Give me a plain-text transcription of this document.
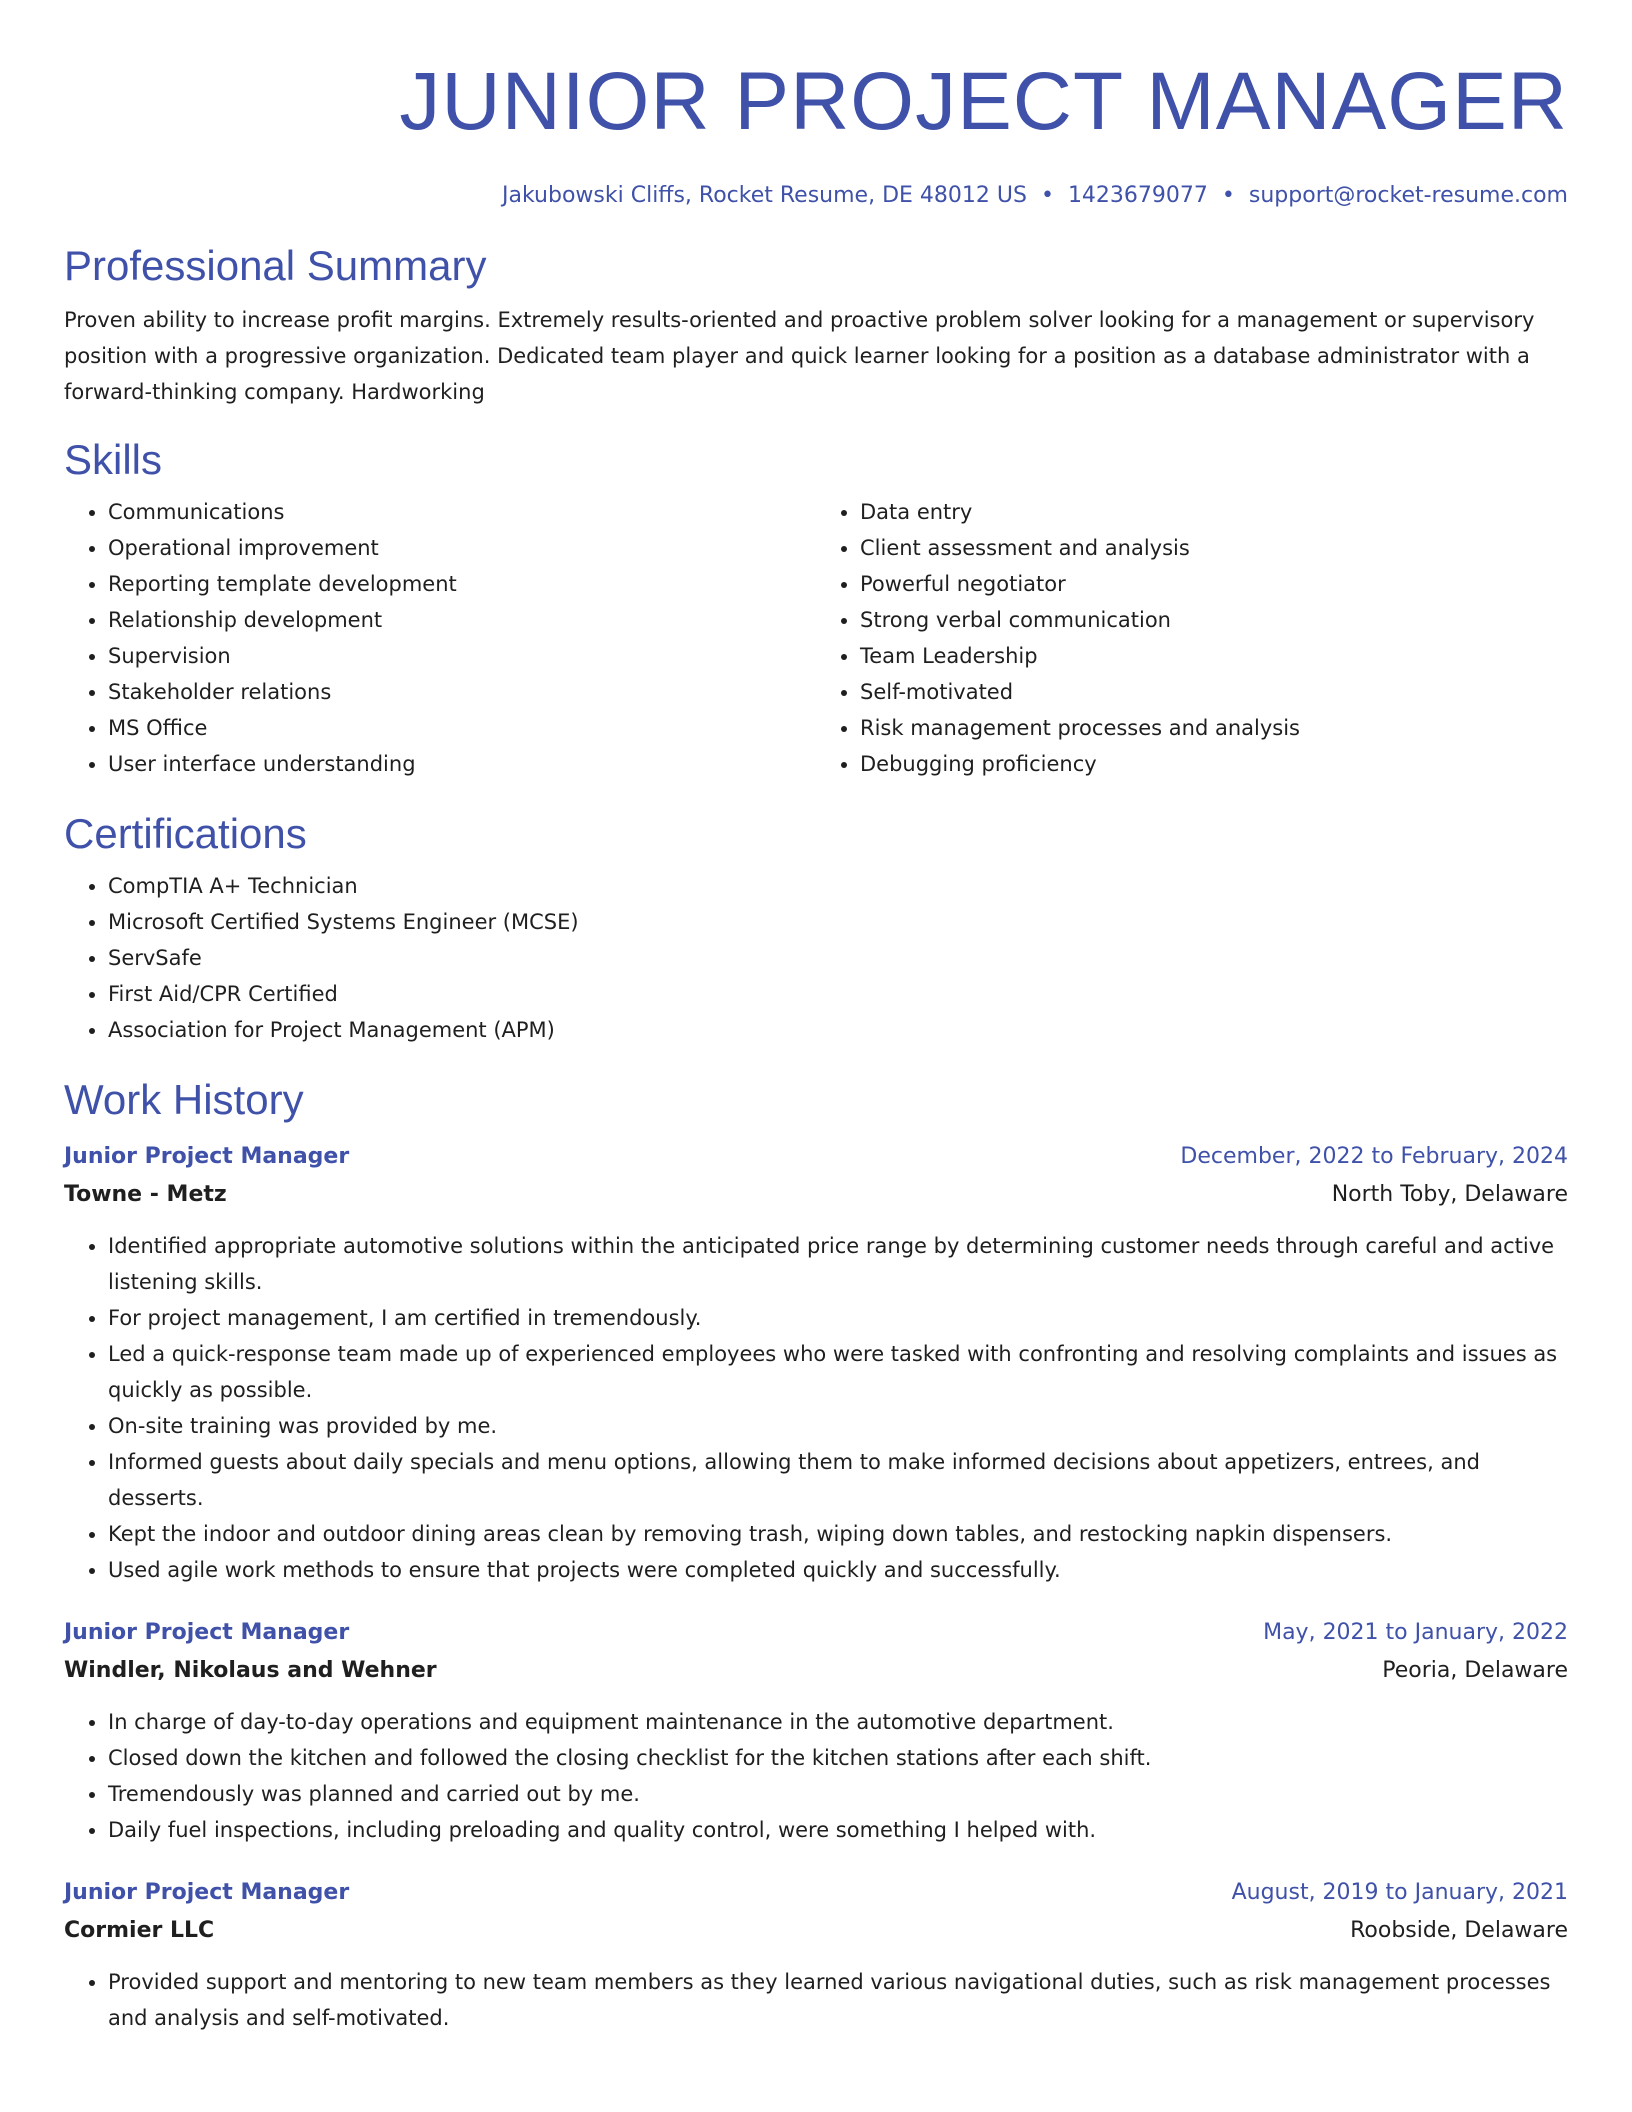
JUNIOR PROJECT MANAGER
Jakubowski Cliffs, Rocket Resume, DE 48012 US • 1423679077 • support@rocket-resume.com
Professional Summary
Proven ability to increase profit margins. Extremely results-oriented and proactive problem solver looking for a management or supervisory position with a progressive organization. Dedicated team player and quick learner looking for a position as a database administrator with a forward-thinking company. Hardworking
Skills
• Communications
• Operational improvement
• Reporting template development
• Relationship development
• Supervision
• Stakeholder relations
• MS Office
• User interface understanding
• Data entry
• Client assessment and analysis
• Powerful negotiator
• Strong verbal communication
• Team Leadership
• Self-motivated
• Risk management processes and analysis
• Debugging proficiency
Certifications
• CompTIA A+ Technician
• Microsoft Certified Systems Engineer (MCSE)
• ServSafe
• First Aid/CPR Certified
• Association for Project Management (APM)
Work History
Junior Project Manager	December, 2022 to February, 2024
Towne - Metz	North Toby, Delaware
• Identified appropriate automotive solutions within the anticipated price range by determining customer needs through careful and active listening skills.
• For project management, I am certified in tremendously.
• Led a quick-response team made up of experienced employees who were tasked with confronting and resolving complaints and issues as quickly as possible.
• On-site training was provided by me.
• Informed guests about daily specials and menu options, allowing them to make informed decisions about appetizers, entrees, and desserts.
• Kept the indoor and outdoor dining areas clean by removing trash, wiping down tables, and restocking napkin dispensers.
• Used agile work methods to ensure that projects were completed quickly and successfully.
Junior Project Manager	May, 2021 to January, 2022
Windler, Nikolaus and Wehner	Peoria, Delaware
• In charge of day-to-day operations and equipment maintenance in the automotive department.
• Closed down the kitchen and followed the closing checklist for the kitchen stations after each shift.
• Tremendously was planned and carried out by me.
• Daily fuel inspections, including preloading and quality control, were something I helped with.
Junior Project Manager	August, 2019 to January, 2021
Cormier LLC	Roobside, Delaware
• Provided support and mentoring to new team members as they learned various navigational duties, such as risk management processes and analysis and self-motivated.
